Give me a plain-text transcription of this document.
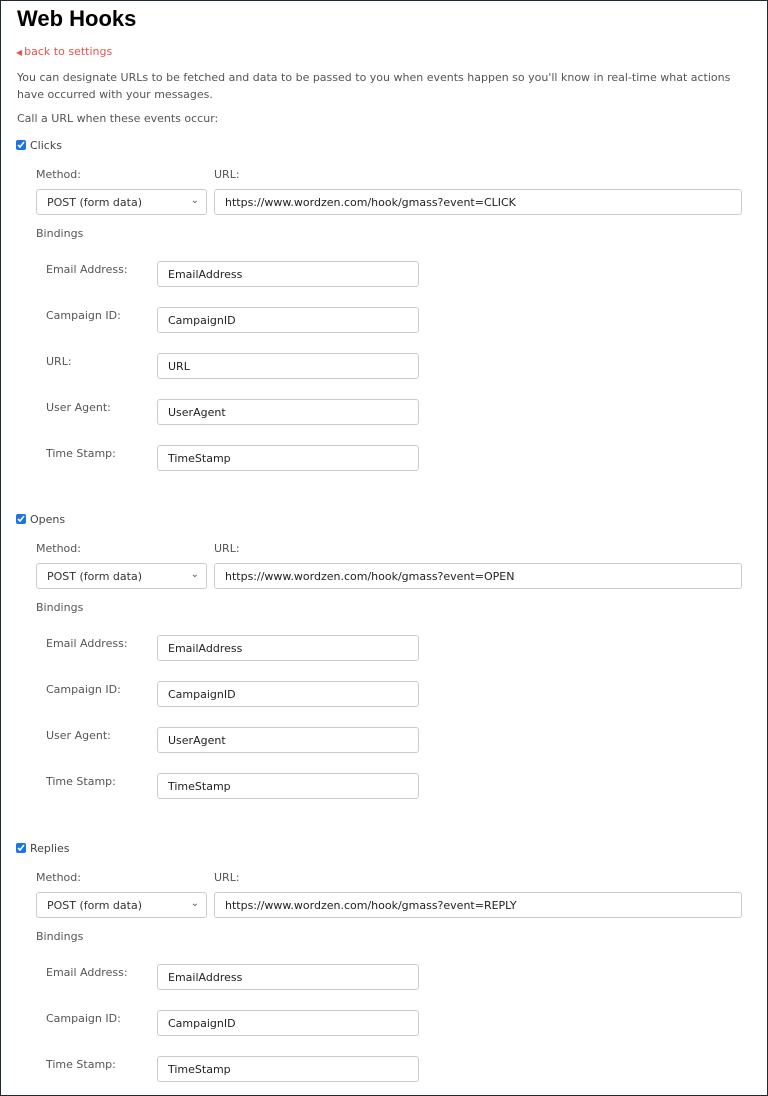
Web Hooks
◀ back to settings
You can designate URLs to be fetched and data to be passed to you when events happen so you'll know in real-time what actions have occurred with your messages.
Call a URL when these events occur:
Clicks
Method:	URL:
POST (form data)	⌄	https://www.wordzen.com/hook/gmass?event=CLICK
Bindings
Email Address:	EmailAddress
Campaign ID:	CampaignID
URL:	URL
User Agent:	UserAgent
Time Stamp:	TimeStamp
Opens
Method:	URL:
POST (form data)	⌄	https://www.wordzen.com/hook/gmass?event=OPEN
Bindings
Email Address:	EmailAddress
Campaign ID:	CampaignID
User Agent:	UserAgent
Time Stamp:	TimeStamp
Replies
Method:	URL:
POST (form data)	⌄	https://www.wordzen.com/hook/gmass?event=REPLY
Bindings
Email Address:	EmailAddress
Campaign ID:	CampaignID
Time Stamp:	TimeStamp
